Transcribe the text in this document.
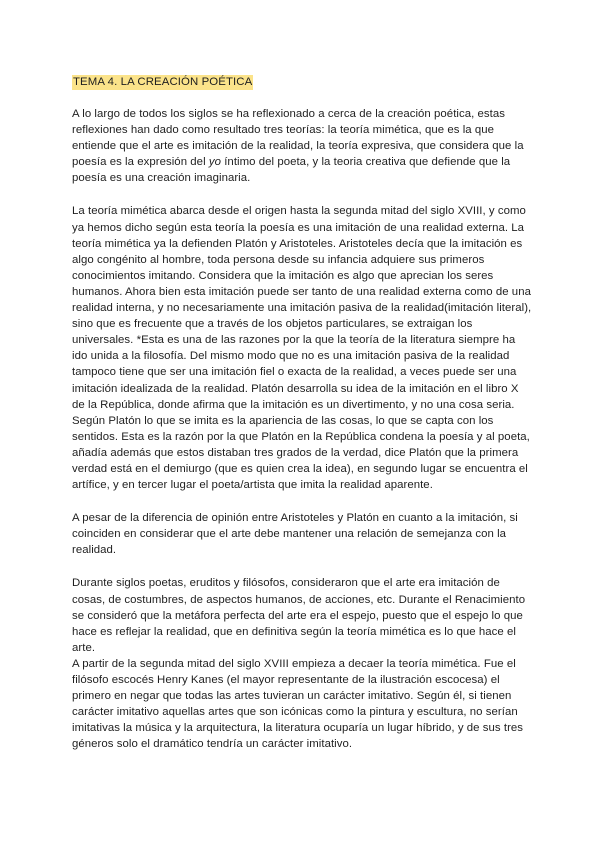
TEMA 4. LA CREACIÓN POÉTICA

A lo largo de todos los siglos se ha reflexionado a cerca de la creación poética, estas reflexiones han dado como resultado tres teorías: la teoría mimética, que es la que entiende que el arte es imitación de la realidad, la teoría expresiva, que considera que la poesía es la expresión del yo íntimo del poeta, y la teoria creativa que defiende que la poesía es una creación imaginaria.

La teoría mimética abarca desde el origen hasta la segunda mitad del siglo XVIII, y como ya hemos dicho según esta teoría la poesía es una imitación de una realidad externa. La teoría mimética ya la defienden Platón y Aristoteles. Aristoteles decía que la imitación es algo congénito al hombre, toda persona desde su infancia adquiere sus primeros conocimientos imitando. Considera que la imitación es algo que aprecian los seres humanos. Ahora bien esta imitación puede ser tanto de una realidad externa como de una realidad interna, y no necesariamente una imitación pasiva de la realidad(imitación literal), sino que es frecuente que a través de los objetos particulares, se extraigan los universales. *Esta es una de las razones por la que la teoría de la literatura siempre ha ido unida a la filosofía. Del mismo modo que no es una imitación pasiva de la realidad tampoco tiene que ser una imitación fiel o exacta de la realidad, a veces puede ser una imitación idealizada de la realidad. Platón desarrolla su idea de la imitación en el libro X de la República, donde afirma que la imitación es un divertimento, y no una cosa seria. Según Platón lo que se imita es la apariencia de las cosas, lo que se capta con los sentidos. Esta es la razón por la que Platón en la República condena la poesía y al poeta, añadía además que estos distaban tres grados de la verdad, dice Platón que la primera verdad está en el demiurgo (que es quien crea la idea), en segundo lugar se encuentra el artífice, y en tercer lugar el poeta/artista que imita la realidad aparente.

A pesar de la diferencia de opinión entre Aristoteles y Platón en cuanto a la imitación, si coinciden en considerar que el arte debe mantener una relación de semejanza con la realidad.

Durante siglos poetas, eruditos y filósofos, consideraron que el arte era imitación de cosas, de costumbres, de aspectos humanos, de acciones, etc. Durante el Renacimiento se consideró que la metáfora perfecta del arte era el espejo, puesto que el espejo lo que hace es reflejar la realidad, que en definitiva según la teoría mimética es lo que hace el arte.

A partir de la segunda mitad del siglo XVIII empieza a decaer la teoría mimética. Fue el filósofo escocés Henry Kanes (el mayor representante de la ilustración escocesa) el primero en negar que todas las artes tuvieran un carácter imitativo. Según él, si tienen carácter imitativo aquellas artes que son icónicas como la pintura y escultura, no serían imitativas la música y la arquitectura, la literatura ocuparía un lugar híbrido, y de sus tres géneros solo el dramático tendría un carácter imitativo.
